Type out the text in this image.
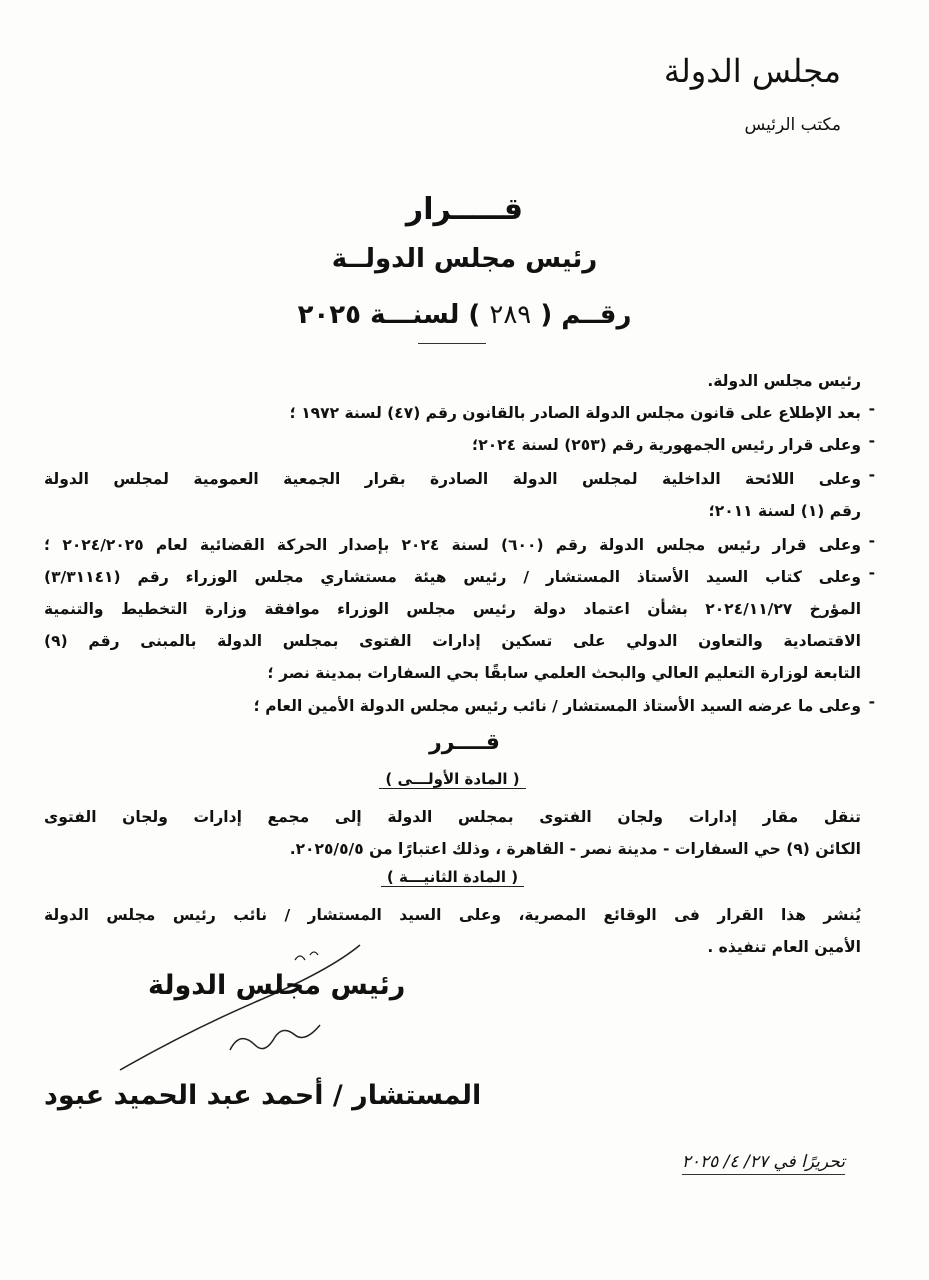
مجلس الدولة
مكتب الرئيس
قـــــرار
رئيس مجلس الدولــة
رقــم ( ٢٨٩ ) لسنـــة ٢٠٢٥
رئيس مجلس الدولة.
-
بعد الإطلاع على قانون مجلس الدولة الصادر بالقانون رقم (٤٧) لسنة ١٩٧٢ ؛
-
وعلى قرار رئيس الجمهورية رقم (٢٥٣) لسنة ٢٠٢٤؛
-
وعلى اللائحة الداخلية لمجلس الدولة الصادرة بقرار الجمعية العمومية لمجلس الدولة
رقم (١) لسنة ٢٠١١؛
-
وعلى قرار رئيس مجلس الدولة رقم (٦٠٠) لسنة ٢٠٢٤ بإصدار الحركة القضائية لعام ٢٠٢٤/٢٠٢٥ ؛
-
وعلى كتاب السيد الأستاذ المستشار / رئيس هيئة مستشاري مجلس الوزراء رقم (٣/٣١١٤١)
المؤرخ ٢٠٢٤/١١/٢٧ بشأن اعتماد دولة رئيس مجلس الوزراء موافقة وزارة التخطيط والتنمية
الاقتصادية والتعاون الدولي على تسكين إدارات الفتوى بمجلس الدولة بالمبنى رقم (٩)
التابعة لوزارة التعليم العالي والبحث العلمي سابقًا بحي السفارات بمدينة نصر ؛
-
وعلى ما عرضه السيد الأستاذ المستشار / نائب رئيس مجلس الدولة الأمين العام ؛
قــــرر
( المادة الأولـــى )
تنقل مقار إدارات ولجان الفتوى بمجلس الدولة إلى مجمع إدارات ولجان الفتوى
الكائن (٩) حي السفارات - مدينة نصر - القاهرة ، وذلك اعتبارًا من ٢٠٢٥/٥/٥.
( المادة الثانيـــة )
يُنشر هذا القرار فى الوقائع المصرية، وعلى السيد المستشار / نائب رئيس مجلس الدولة
الأمين العام تنفيذه .
رئيس مجلس الدولة
المستشار / أحمد عبد الحميد عبود
تحريرًا في ٢٧/ ٤/ ٢٠٢٥
